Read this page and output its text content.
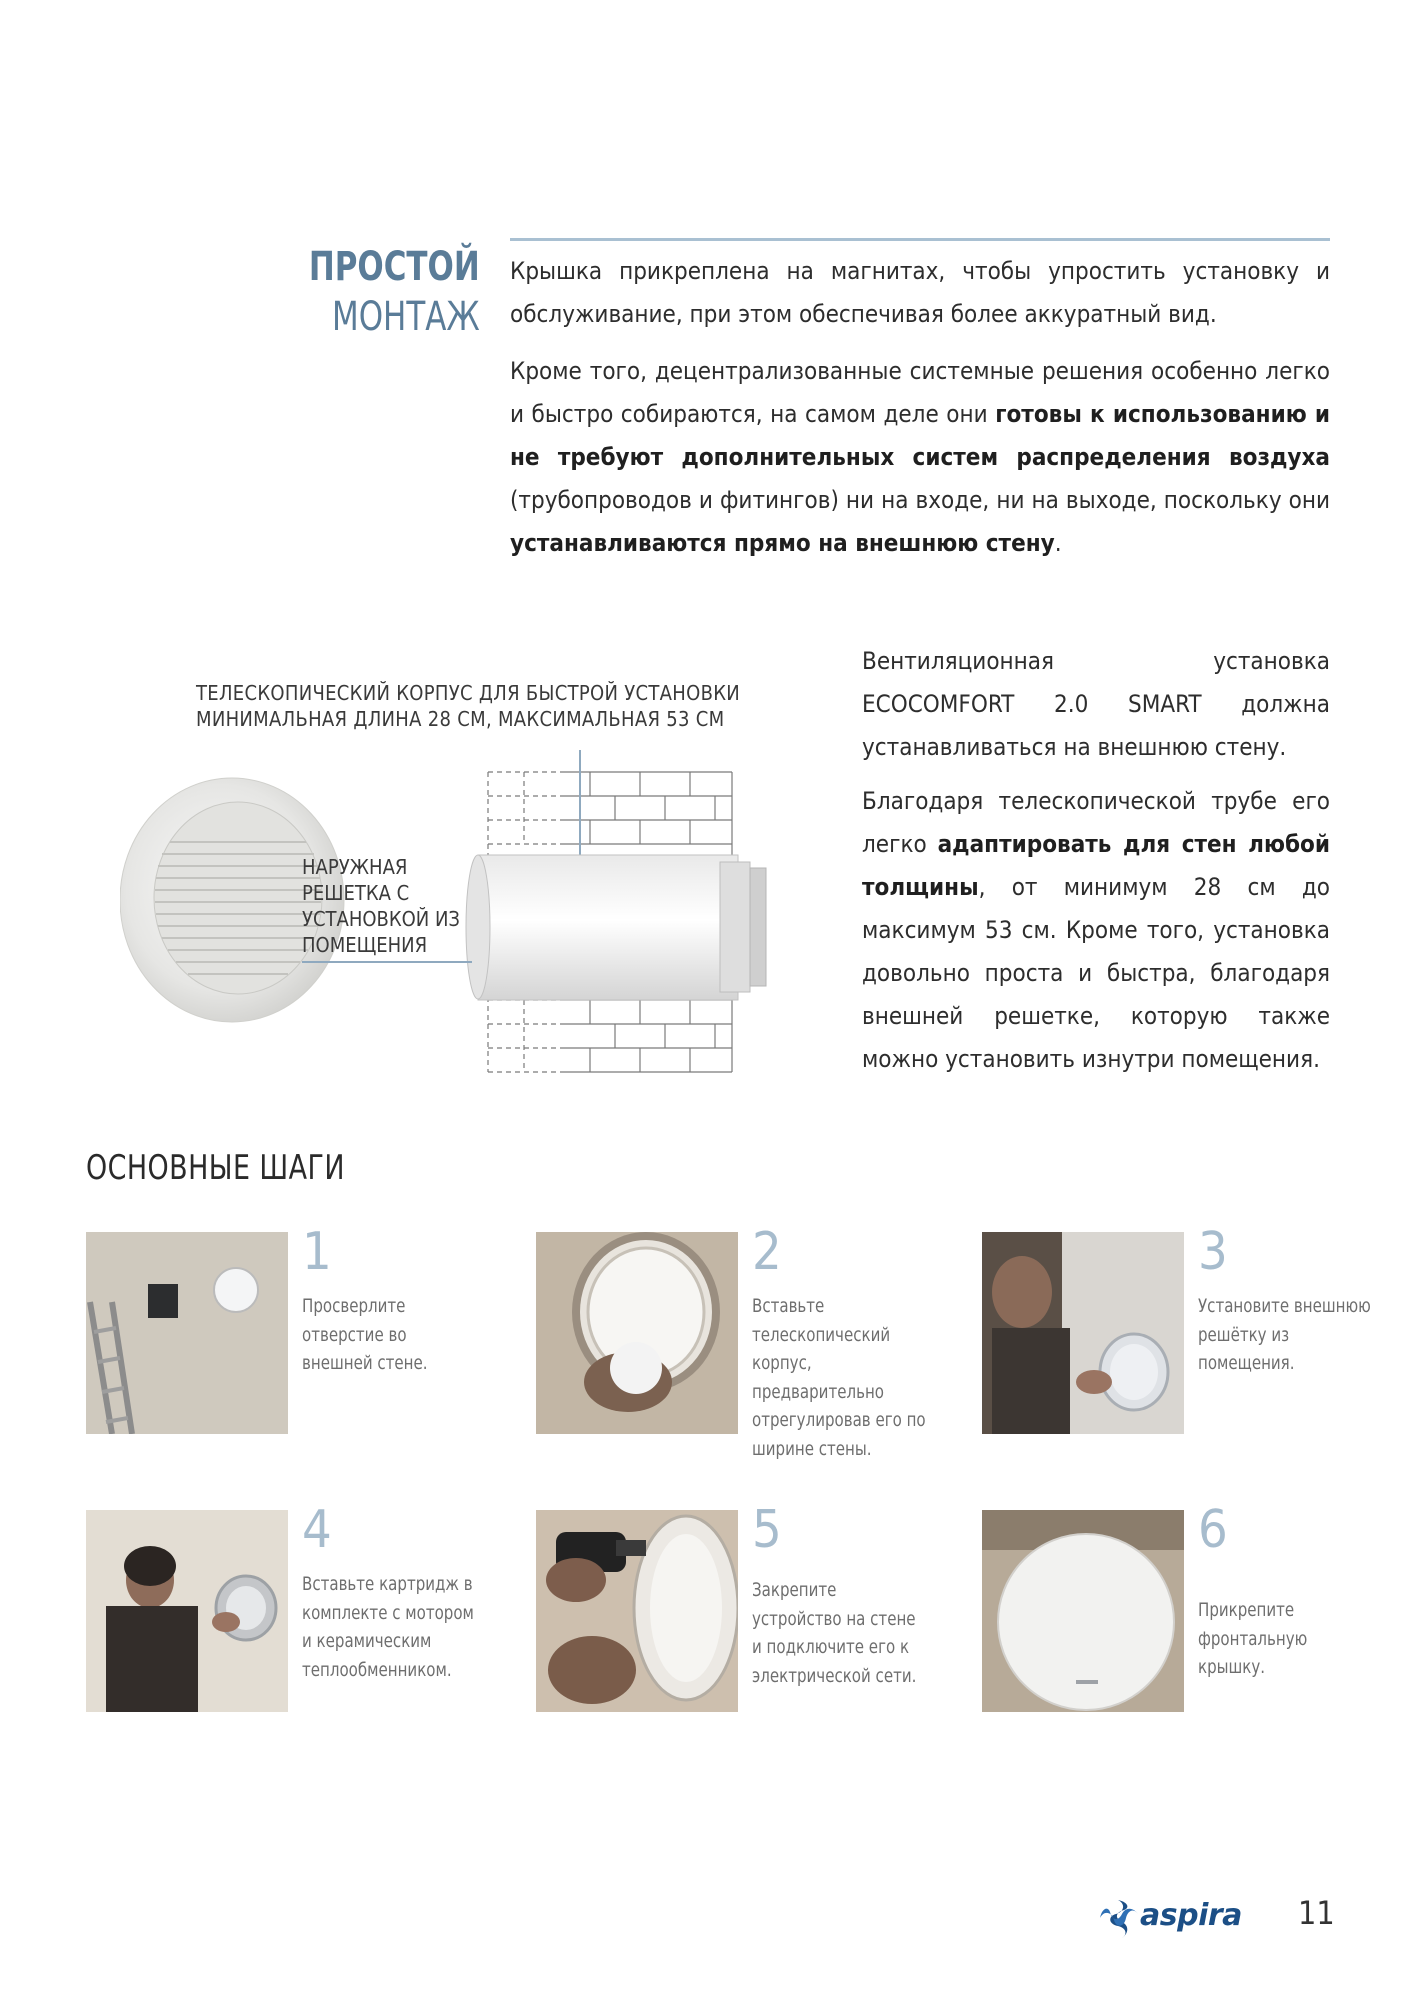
ПРОСТОЙ
МОНТАЖ
Крышка прикреплена на магнитах, чтобы упростить установку и обслуживание, при этом обеспечивая более аккуратный вид.
Кроме того, децентрализованные системные решения особенно легко и быстро собираются, на самом деле они готовы к использованию и не требуют дополнительных систем распределения воздуха (трубопроводов и фитингов) ни на входе, ни на выходе, поскольку они устанавливаются прямо на внешнюю стену.
ТЕЛЕСКОПИЧЕСКИЙ КОРПУС ДЛЯ БЫСТРОЙ УСТАНОВКИ
МИНИМАЛЬНАЯ ДЛИНА 28 СМ, МАКСИМАЛЬНАЯ 53 СМ
НАРУЖНАЯ РЕШЕТКА С УСТАНОВКОЙ ИЗ ПОМЕЩЕНИЯ
Вентиляционная установка ECOCOMFORT 2.0 SMART должна устанавливаться на внешнюю стену.
Благодаря телескопической трубе его легко адаптировать для стен любой толщины, от минимум 28 см до максимум 53 см. Кроме того, установка довольно проста и быстра, благодаря внешней решетке, которую также можно установить изнутри помещения.
ОСНОВНЫЕ ШАГИ
1
Просверлите отверстие во внешней стене.
2
Вставьте телескопический корпус, предварительно отрегулировав его по ширине стены.
3
Установите внешнюю решётку из помещения.
4
Вставьте картридж в комплекте с мотором и керамическим теплообменником.
5
Закрепите устройство на стене и подключите его к электрической сети.
6
Прикрепите фронтальную крышку.
aspira 11
